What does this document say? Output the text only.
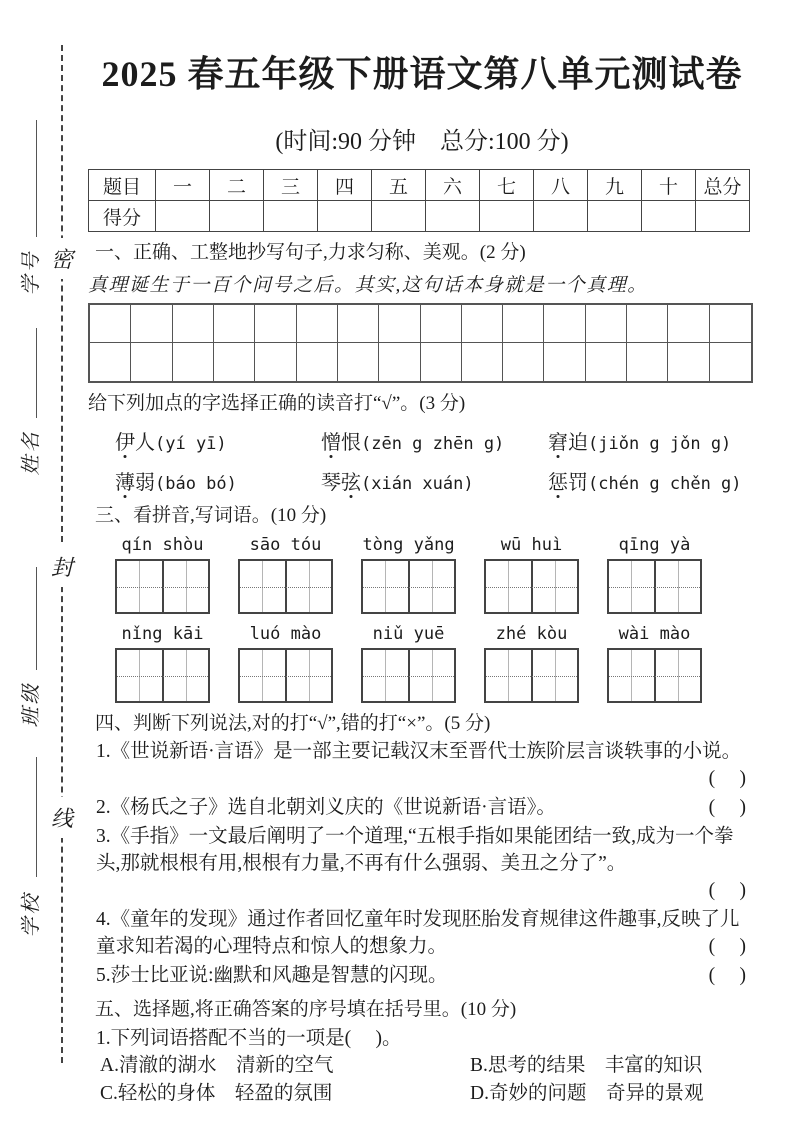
密
封
线
学号
姓名
班级
学校
2025 春五年级下册语文第八单元测试卷
(时间:90 分钟　总分:100 分)
题目	一	二	三	四	五	六	七	八	九	十	总分
得分											
一、正确、工整地抄写句子,力求匀称、美观。(2 分)
真理诞生于一百个问号之后。其实,这句话本身就是一个真理。
给下列加点的字选择正确的读音打“√”。(3 分)
伊人(yí yī)	憎恨(zēn g zhēn g)	窘迫(jiǒn g jǒn g)
薄弱(báo bó)	琴弦(xián xuán)	惩罚(chén g chěn g)
三、看拼音,写词语。(10 分)
qín shòu	sāo tóu	tòng yǎng	wū huì	qīng yà
nǐng kāi	luó mào	niǔ yuē	zhé kòu	wài mào
四、判断下列说法,对的打“√”,错的打“×”。(5 分)
1.《世说新语·言语》是一部主要记载汉末至晋代士族阶层言谈轶事的小说。
(　 )
2.《杨氏之子》选自北朝刘义庆的《世说新语·言语》。	(　 )
3.《手指》一文最后阐明了一个道理,“五根手指如果能团结一致,成为一个拳头,那就根根有用,根根有力量,不再有什么强弱、美丑之分了”。
(　 )
4.《童年的发现》通过作者回忆童年时发现胚胎发育规律这件趣事,反映了儿童求知若渴的心理特点和惊人的想象力。	(　 )
5.莎士比亚说:幽默和风趣是智慧的闪现。	(　 )
五、选择题,将正确答案的序号填在括号里。(10 分)
1.下列词语搭配不当的一项是(　 )。
A.清澈的湖水　清新的空气	B.思考的结果　丰富的知识
C.轻松的身体　轻盈的氛围	D.奇妙的问题　奇异的景观
